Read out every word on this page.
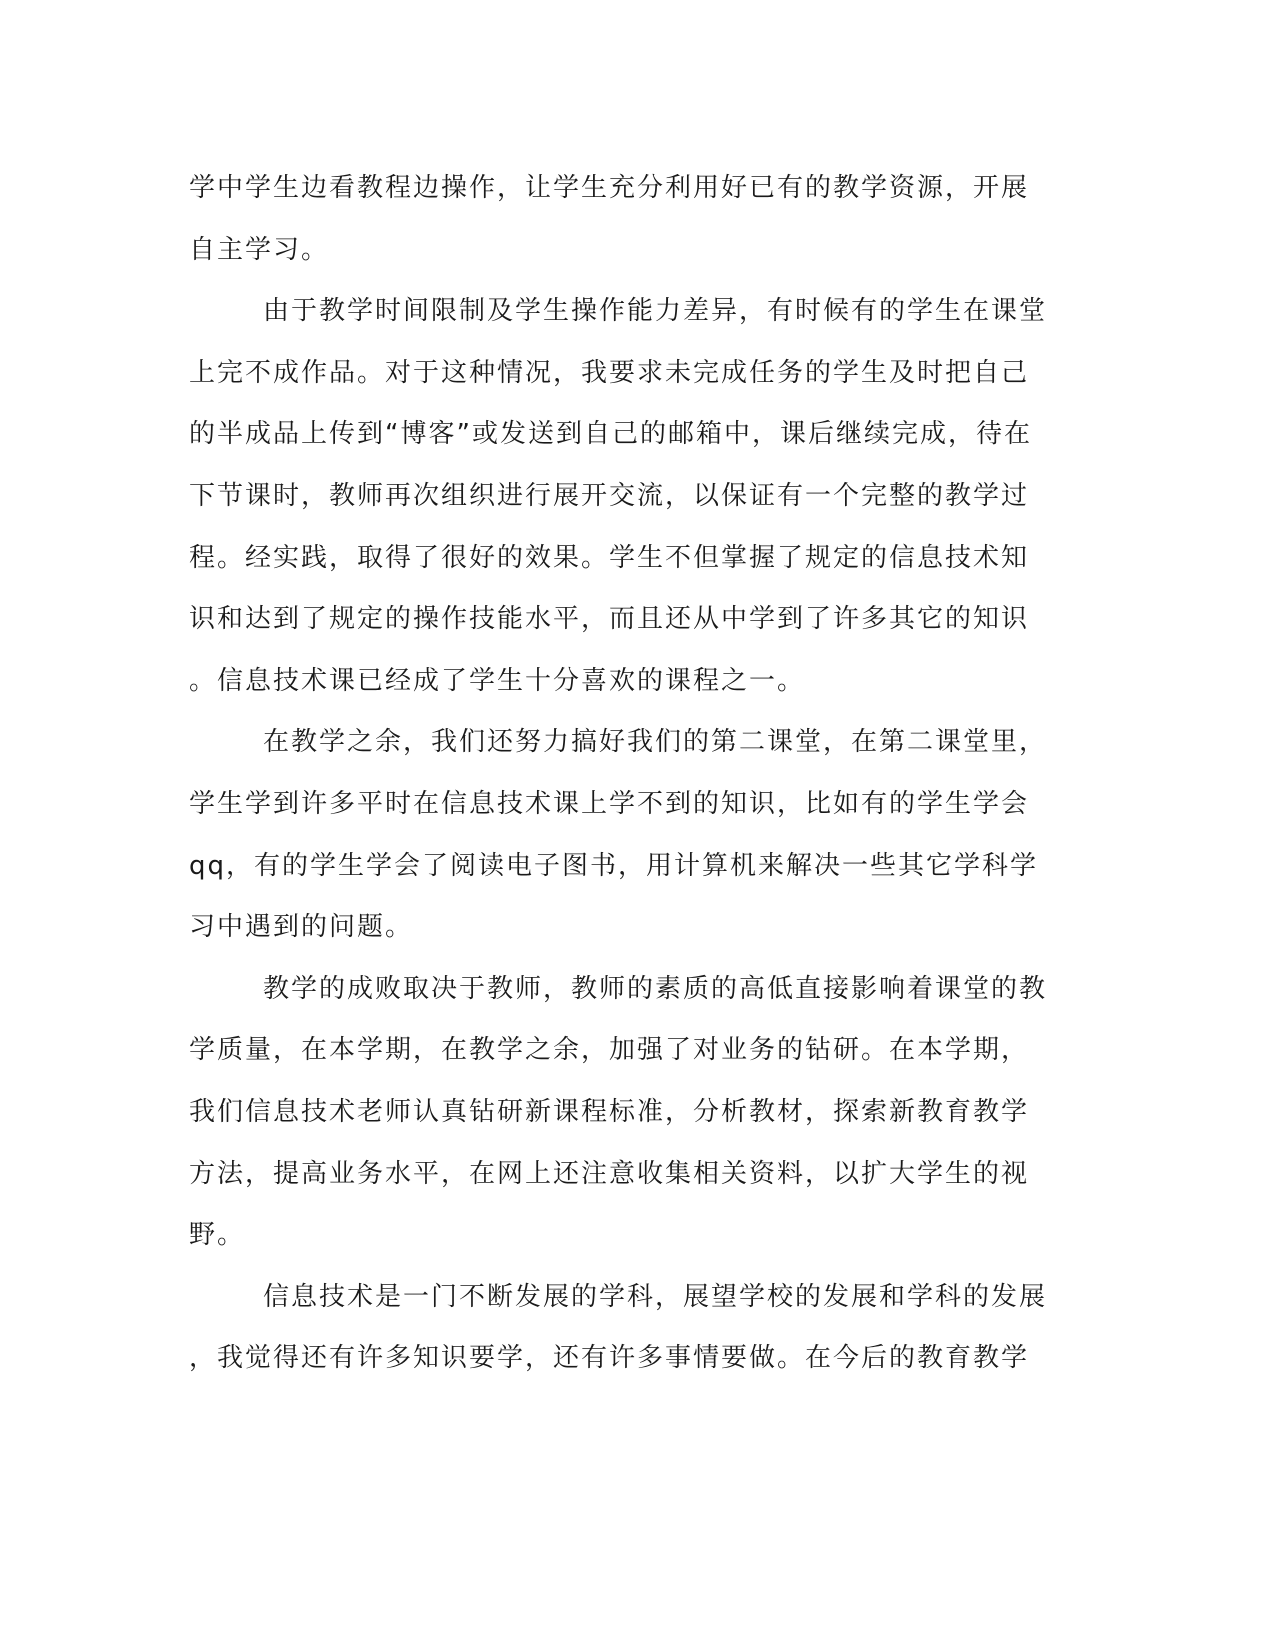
学中学生边看教程边操作，让学生充分利用好已有的教学资源，开展
自主学习。
由于教学时间限制及学生操作能力差异，有时候有的学生在课堂
上完不成作品。对于这种情况，我要求未完成任务的学生及时把自己
的半成品上传到“博客”或发送到自己的邮箱中，课后继续完成，待在
下节课时，教师再次组织进行展开交流，以保证有一个完整的教学过
程。经实践，取得了很好的效果。学生不但掌握了规定的信息技术知
识和达到了规定的操作技能水平，而且还从中学到了许多其它的知识
。信息技术课已经成了学生十分喜欢的课程之一。
在教学之余，我们还努力搞好我们的第二课堂，在第二课堂里，
学生学到许多平时在信息技术课上学不到的知识，比如有的学生学会
qq，有的学生学会了阅读电子图书，用计算机来解决一些其它学科学
习中遇到的问题。
教学的成败取决于教师，教师的素质的高低直接影响着课堂的教
学质量，在本学期，在教学之余，加强了对业务的钻研。在本学期，
我们信息技术老师认真钻研新课程标准，分析教材，探索新教育教学
方法，提高业务水平，在网上还注意收集相关资料，以扩大学生的视
野。
信息技术是一门不断发展的学科，展望学校的发展和学科的发展
，我觉得还有许多知识要学，还有许多事情要做。在今后的教育教学
